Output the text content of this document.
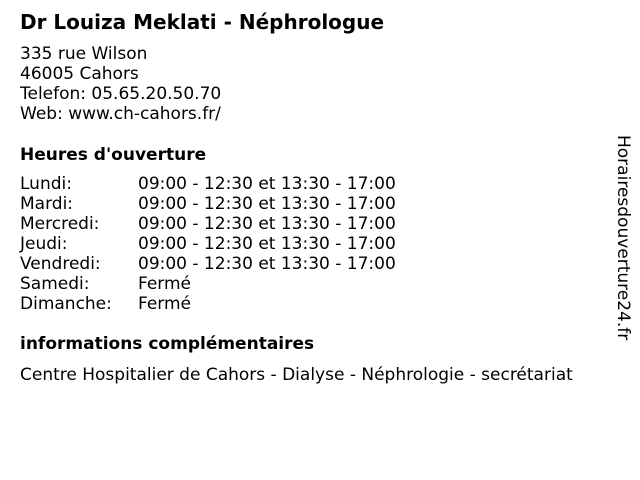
Dr Louiza Meklati - Néphrologue
335 rue Wilson
46005 Cahors
Telefon: 05.65.20.50.70
Web: www.ch-cahors.fr/
Heures d'ouverture
Lundi:	09:00 - 12:30 et 13:30 - 17:00
Mardi:	09:00 - 12:30 et 13:30 - 17:00
Mercredi:	09:00 - 12:30 et 13:30 - 17:00
Jeudi:	09:00 - 12:30 et 13:30 - 17:00
Vendredi:	09:00 - 12:30 et 13:30 - 17:00
Samedi:	Fermé
Dimanche:	Fermé
informations complémentaires
Centre Hospitalier de Cahors - Dialyse - Néphrologie - secrétariat
Horairesdouverture24.fr
